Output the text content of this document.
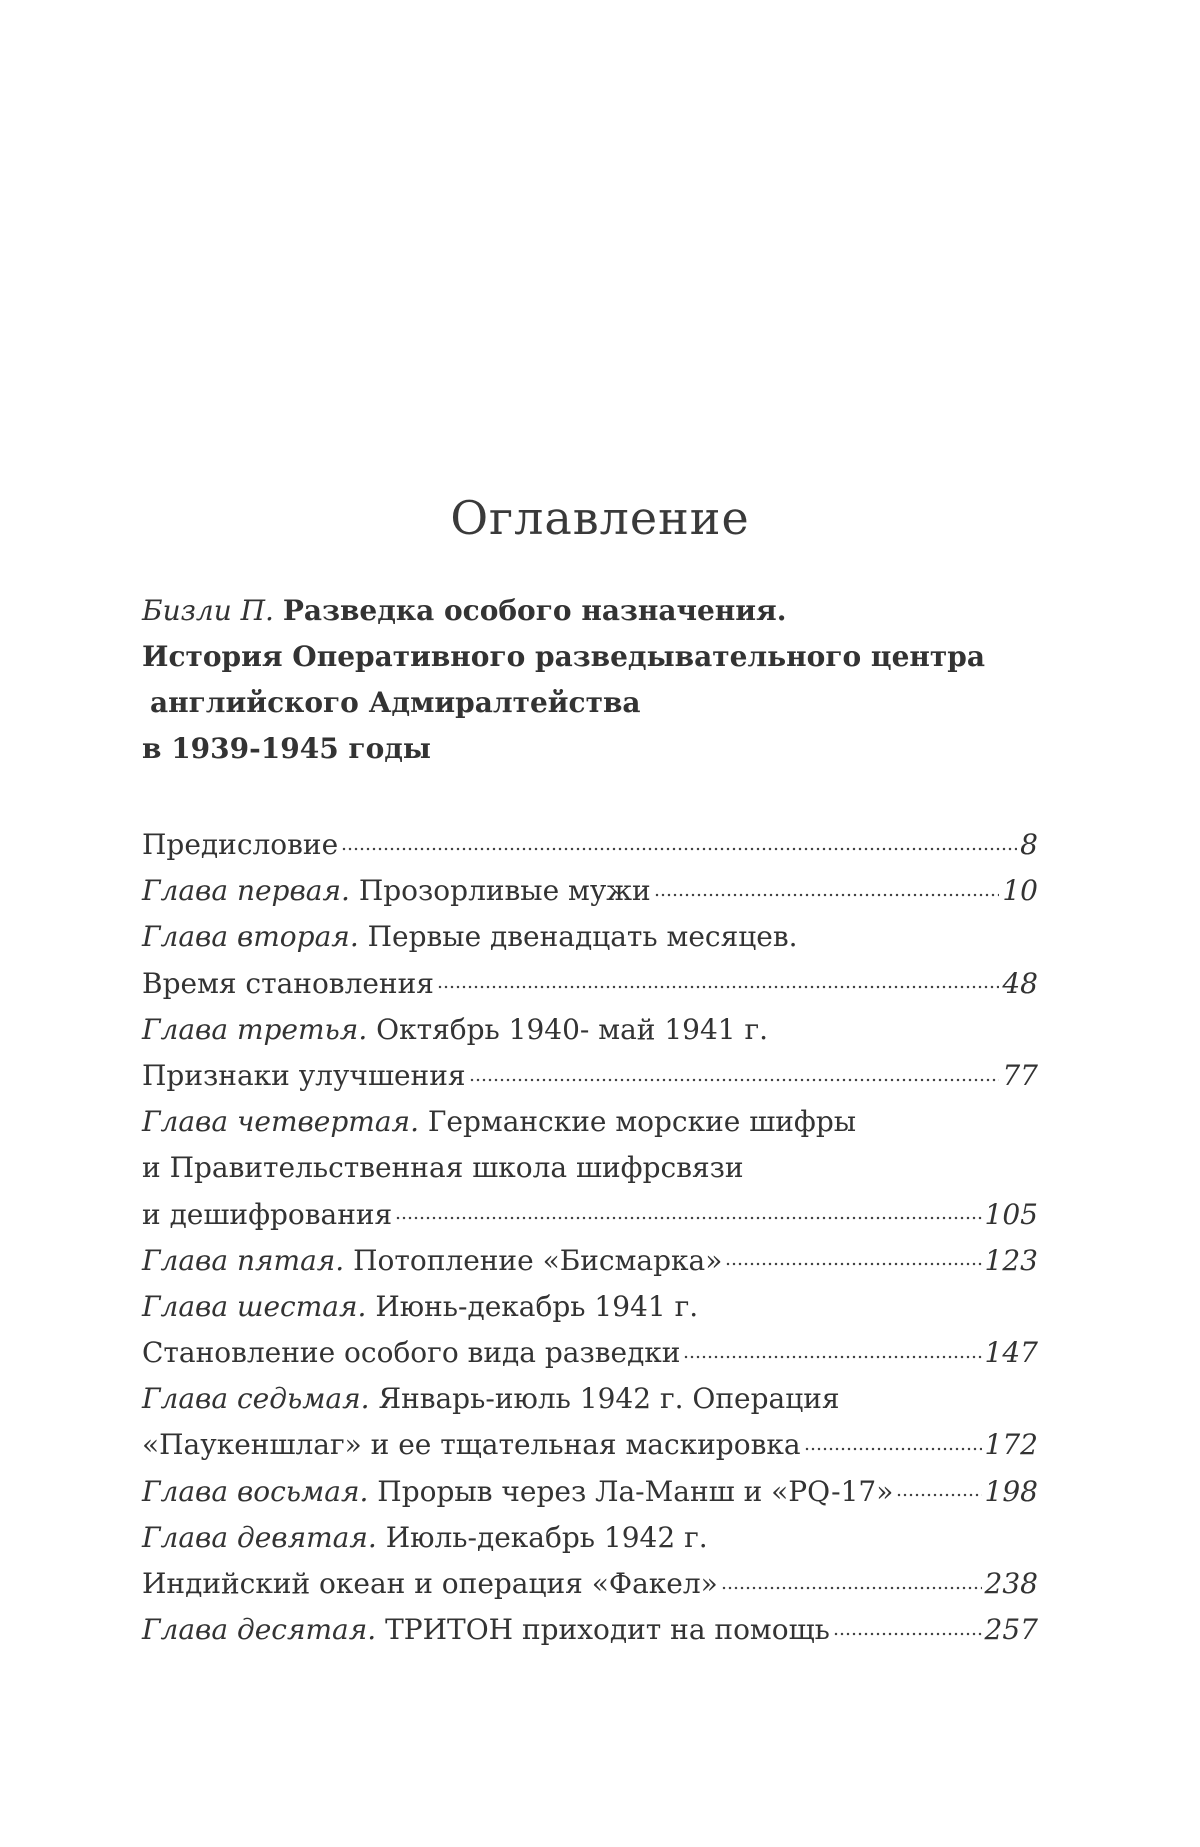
Оглавление
Бизли П. Разведка особого назначения.
История Оперативного разведывательного центра
английского Адмиралтейства
в 1939-1945 годы
Предисловие	8
Глава первая.
Прозорливые мужи	10
Глава вторая.
Первые двенадцать месяцев.
Время становления	48
Глава третья.
Октябрь 1940- май 1941 г.
Признаки улучшения	77
Глава четвертая.
Германские морские шифры
и Правительственная школа шифрсвязи
и дешифрования	105
Глава пятая.
Потопление «Бисмарка»	123
Глава шестая.
Июнь-декабрь 1941 г.
Становление особого вида разведки	147
Глава седьмая.
Январь-июль 1942 г. Операция
«Паукеншлаг» и ее тщательная маскировка	172
Глава восьмая.
Прорыв через Ла-Манш и «PQ-17»	198
Глава девятая.
Июль-декабрь 1942 г.
Индийский океан и операция «Факел»	238
Глава десятая.
ТРИТОН приходит на помощь	257
